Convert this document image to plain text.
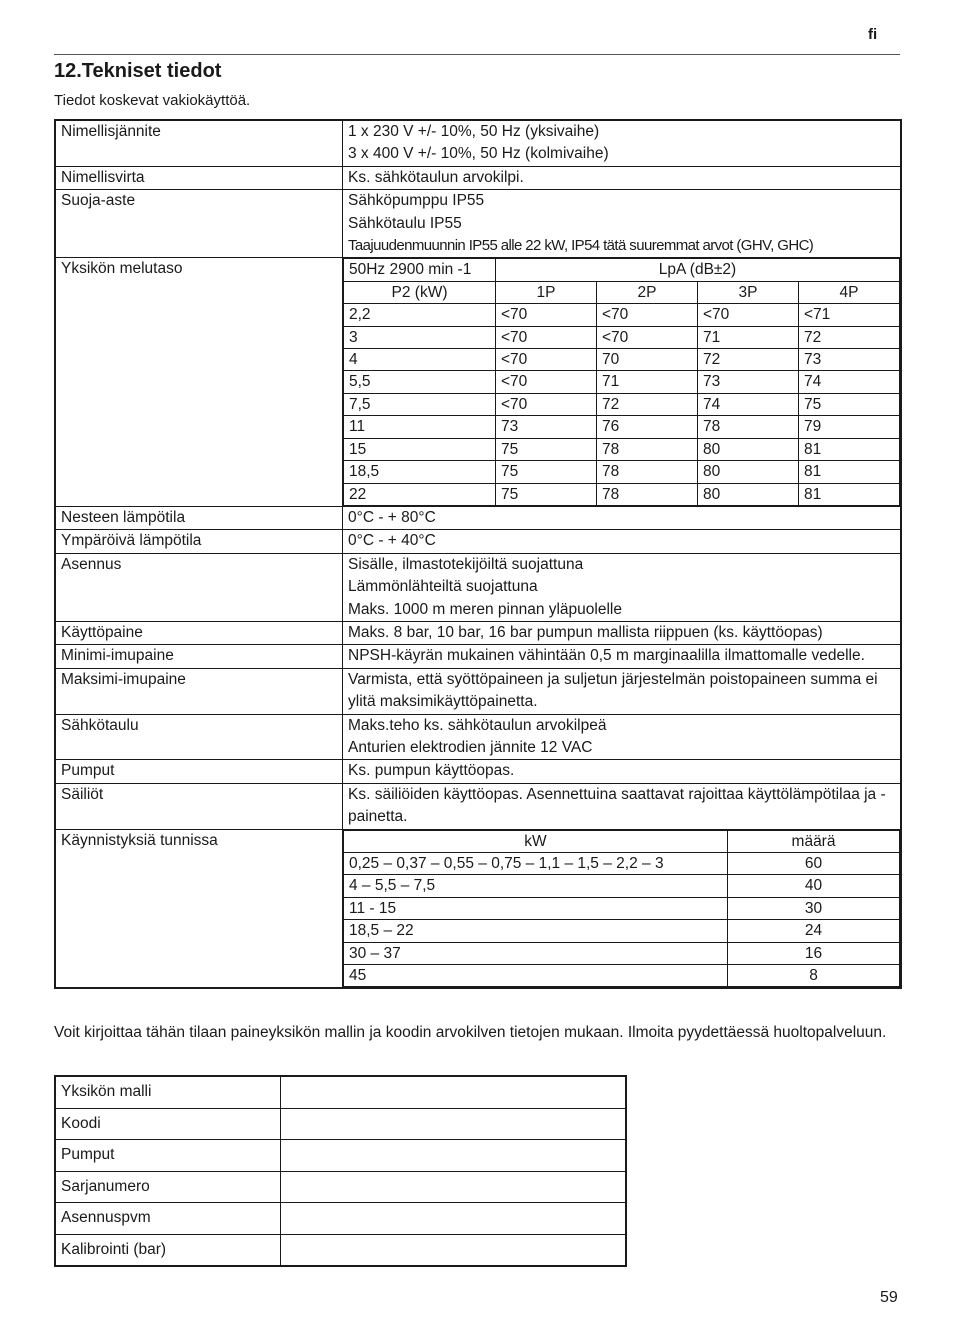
fi
12.Tekniset tiedot
Tiedot koskevat vakiokäyttöä.
Nimellisjännite	1 x 230 V +/- 10%, 50 Hz (yksivaihe)
3 x 400 V +/- 10%, 50 Hz (kolmivaihe)

Nimellisvirta	Ks. sähkötaulun arvokilpi.
Suoja-aste	Sähköpumppu IP55
Sähkötaulu IP55
Taajuudenmuunnin IP55 alle 22 kW, IP54 tätä suuremmat arvot (GHV, GHC)

Yksikön melutaso		50Hz 2900 min -1	LpA (dB±2)
P2 (kW)	1P	2P	3P	4P
2,2	<70	<70	<70	<71
3	<70	<70	71	72
4	<70	70	72	73
5,5	<70	71	73	74
7,5	<70	72	74	75
11	73	76	78	79
15	75	78	80	81
18,5	75	78	80	81
22	75	78	80	81

Nesteen lämpötila	0°C - + 80°C
Ympäröivä lämpötila	0°C - + 40°C
Asennus	Sisälle, ilmastotekijöiltä suojattuna
Lämmönlähteiltä suojattuna
Maks. 1000 m meren pinnan yläpuolelle

Käyttöpaine	Maks. 8 bar, 10 bar, 16 bar pumpun mallista riippuen (ks. käyttöopas)
Minimi-imupaine	NPSH-käyrän mukainen vähintään 0,5 m marginaalilla ilmattomalle vedelle.
Maksimi-imupaine	Varmista, että syöttöpaineen ja suljetun järjestelmän poistopaineen summa ei ylitä maksimikäyttöpainetta.
Sähkötaulu	Maks.teho ks. sähkötaulun arvokilpeä
Anturien elektrodien jännite 12 VAC

Pumput	Ks. pumpun käyttöopas.
Säiliöt	Ks. säiliöiden käyttöopas. Asennettuina saattavat rajoittaa käyttölämpötilaa ja -painetta.
Käynnistyksiä tunnissa		kW	määrä
0,25 – 0,37 – 0,55 – 0,75 – 1,1 – 1,5 – 2,2 – 3	60
4 – 5,5 – 7,5	40
11 - 15	30
18,5 – 22	24
30 – 37	16
45	8
Voit kirjoittaa tähän tilaan paineyksikön mallin ja koodin arvokilven tietojen mukaan. Ilmoita pyydettäessä huoltopalveluun.
Yksikön malli	
Koodi	
Pumput	
Sarjanumero	
Asennuspvm	
Kalibrointi (bar)	
59
